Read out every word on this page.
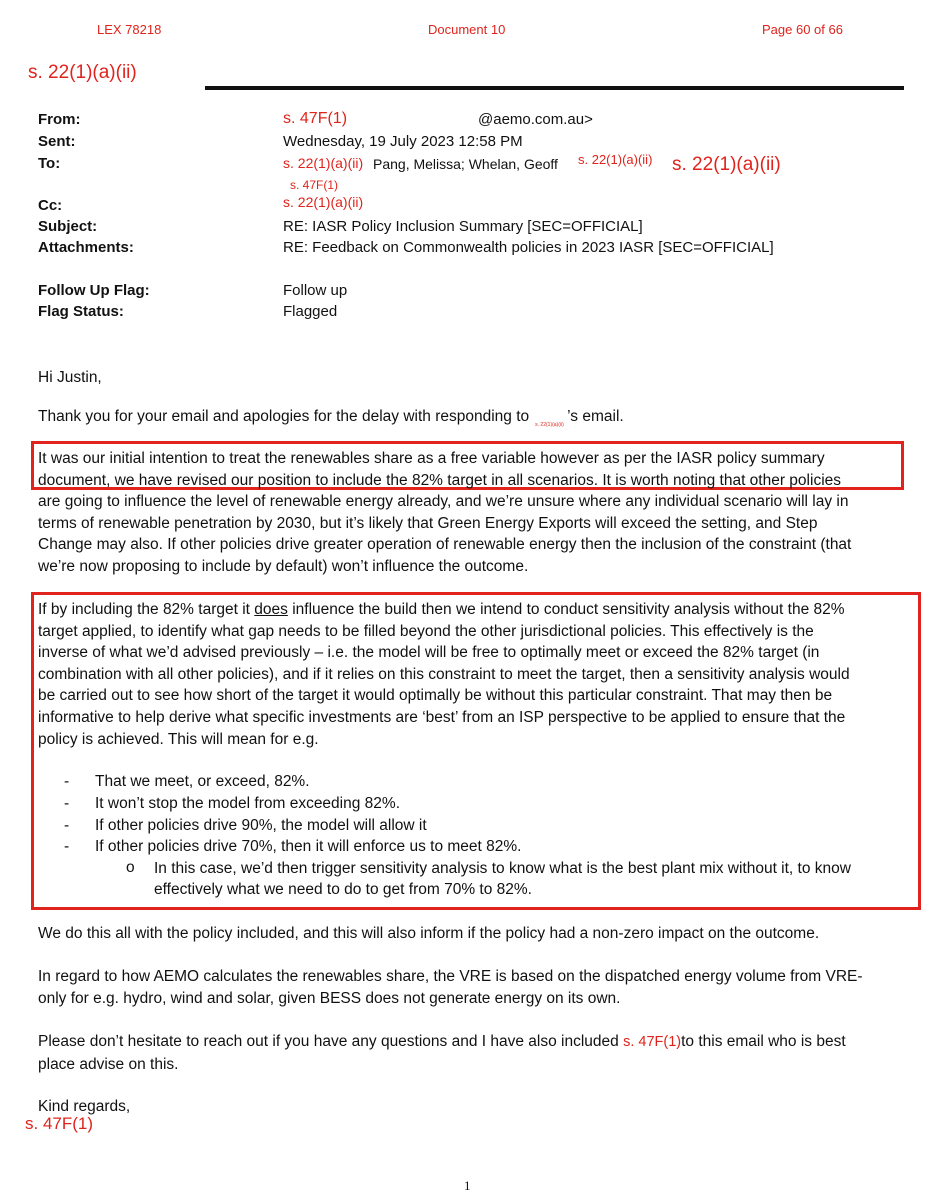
LEX 78218	Document 10	Page 60 of 66
s. 22(1)(a)(ii)
From:	s. 47F(1)	@aemo.com.au>
Sent:	Wednesday, 19 July 2023 12:58 PM
To:	s. 22(1)(a)(ii) Pang, Melissa; Whelan, Geoff s. 22(1)(a)(ii) s. 22(1)(a)(ii)
s. 47F(1)
Cc:	s. 22(1)(a)(ii)
Subject:	RE: IASR Policy Inclusion Summary [SEC=OFFICIAL]
Attachments:	RE: Feedback on Commonwealth policies in 2023 IASR [SEC=OFFICIAL]
Follow Up Flag:	Follow up
Flag Status:	Flagged
Hi Justin,
Thank you for your email and apologies for the delay with responding to s. 22(1)(a)(ii) ’s email.
It was our initial intention to treat the renewables share as a free variable however as per the IASR policy summary
document, we have revised our position to include the 82% target in all scenarios. It is worth noting that other policies
are going to influence the level of renewable energy already, and we’re unsure where any individual scenario will lay in
terms of renewable penetration by 2030, but it’s likely that Green Energy Exports will exceed the setting, and Step
Change may also. If other policies drive greater operation of renewable energy then the inclusion of the constraint (that
we’re now proposing to include by default) won’t influence the outcome.
If by including the 82% target it does influence the build then we intend to conduct sensitivity analysis without the 82%
target applied, to identify what gap needs to be filled beyond the other jurisdictional policies. This effectively is the
inverse of what we’d advised previously – i.e. the model will be free to optimally meet or exceed the 82% target (in
combination with all other policies), and if it relies on this constraint to meet the target, then a sensitivity analysis would
be carried out to see how short of the target it would optimally be without this particular constraint. That may then be
informative to help derive what specific investments are ‘best’ from an ISP perspective to be applied to ensure that the
policy is achieved. This will mean for e.g.
- That we meet, or exceed, 82%.
- It won’t stop the model from exceeding 82%.
- If other policies drive 90%, the model will allow it
- If other policies drive 70%, then it will enforce us to meet 82%.
o In this case, we’d then trigger sensitivity analysis to know what is the best plant mix without it, to know
effectively what we need to do to get from 70% to 82%.
We do this all with the policy included, and this will also inform if the policy had a non-zero impact on the outcome.
In regard to how AEMO calculates the renewables share, the VRE is based on the dispatched energy volume from VRE-
only for e.g. hydro, wind and solar, given BESS does not generate energy on its own.
Please don’t hesitate to reach out if you have any questions and I have also included s. 47F(1)to this email who is best
place advise on this.
Kind regards,
s. 47F(1)
1
